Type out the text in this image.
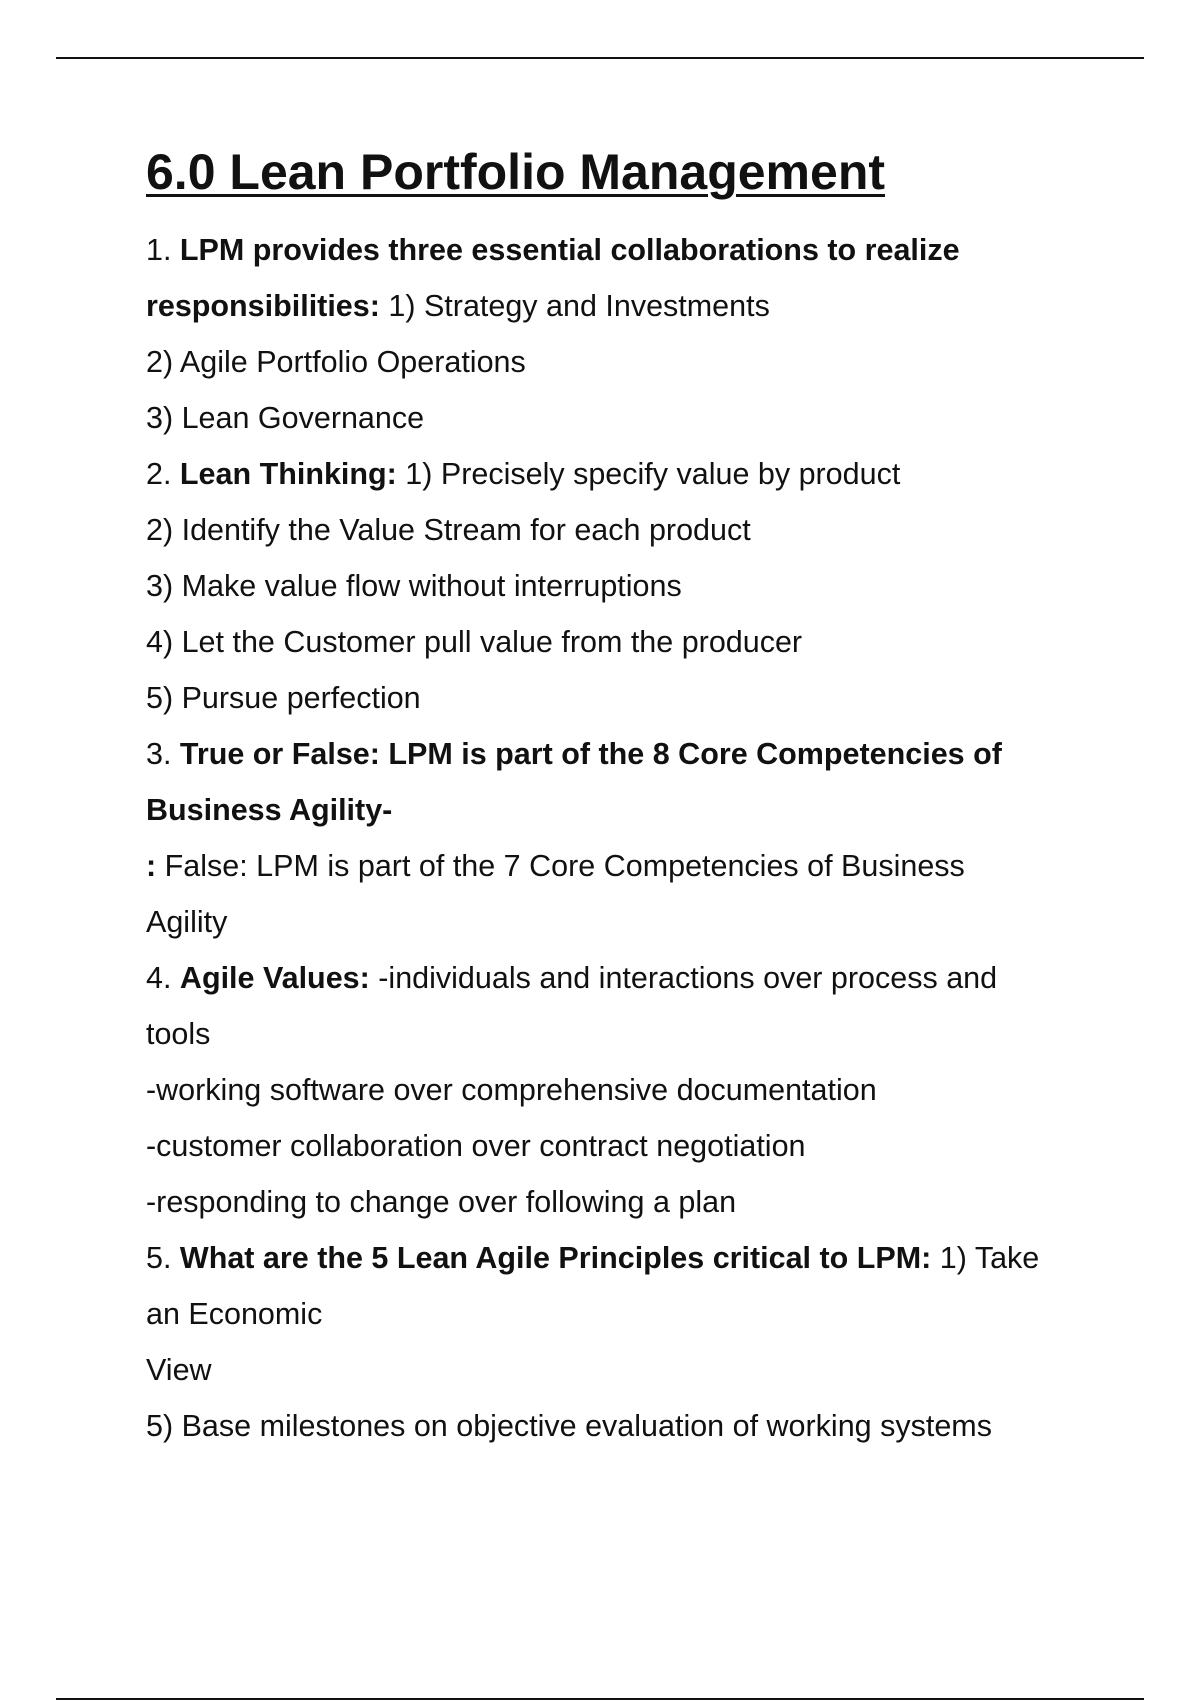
6.0 Lean Portfolio Management
1. LPM provides three essential collaborations to realize
responsibilities: 1) Strategy and Investments
2) Agile Portfolio Operations
3) Lean Governance
2. Lean Thinking: 1) Precisely specify value by product
2) Identify the Value Stream for each product
3) Make value flow without interruptions
4) Let the Customer pull value from the producer
5) Pursue perfection
3. True or False: LPM is part of the 8 Core Competencies of
Business Agility-
: False: LPM is part of the 7 Core Competencies of Business
Agility
4. Agile Values: -individuals and interactions over process and
tools
-working software over comprehensive documentation
-customer collaboration over contract negotiation
-responding to change over following a plan
5. What are the 5 Lean Agile Principles critical to LPM: 1) Take
an Economic
View
5) Base milestones on objective evaluation of working systems
